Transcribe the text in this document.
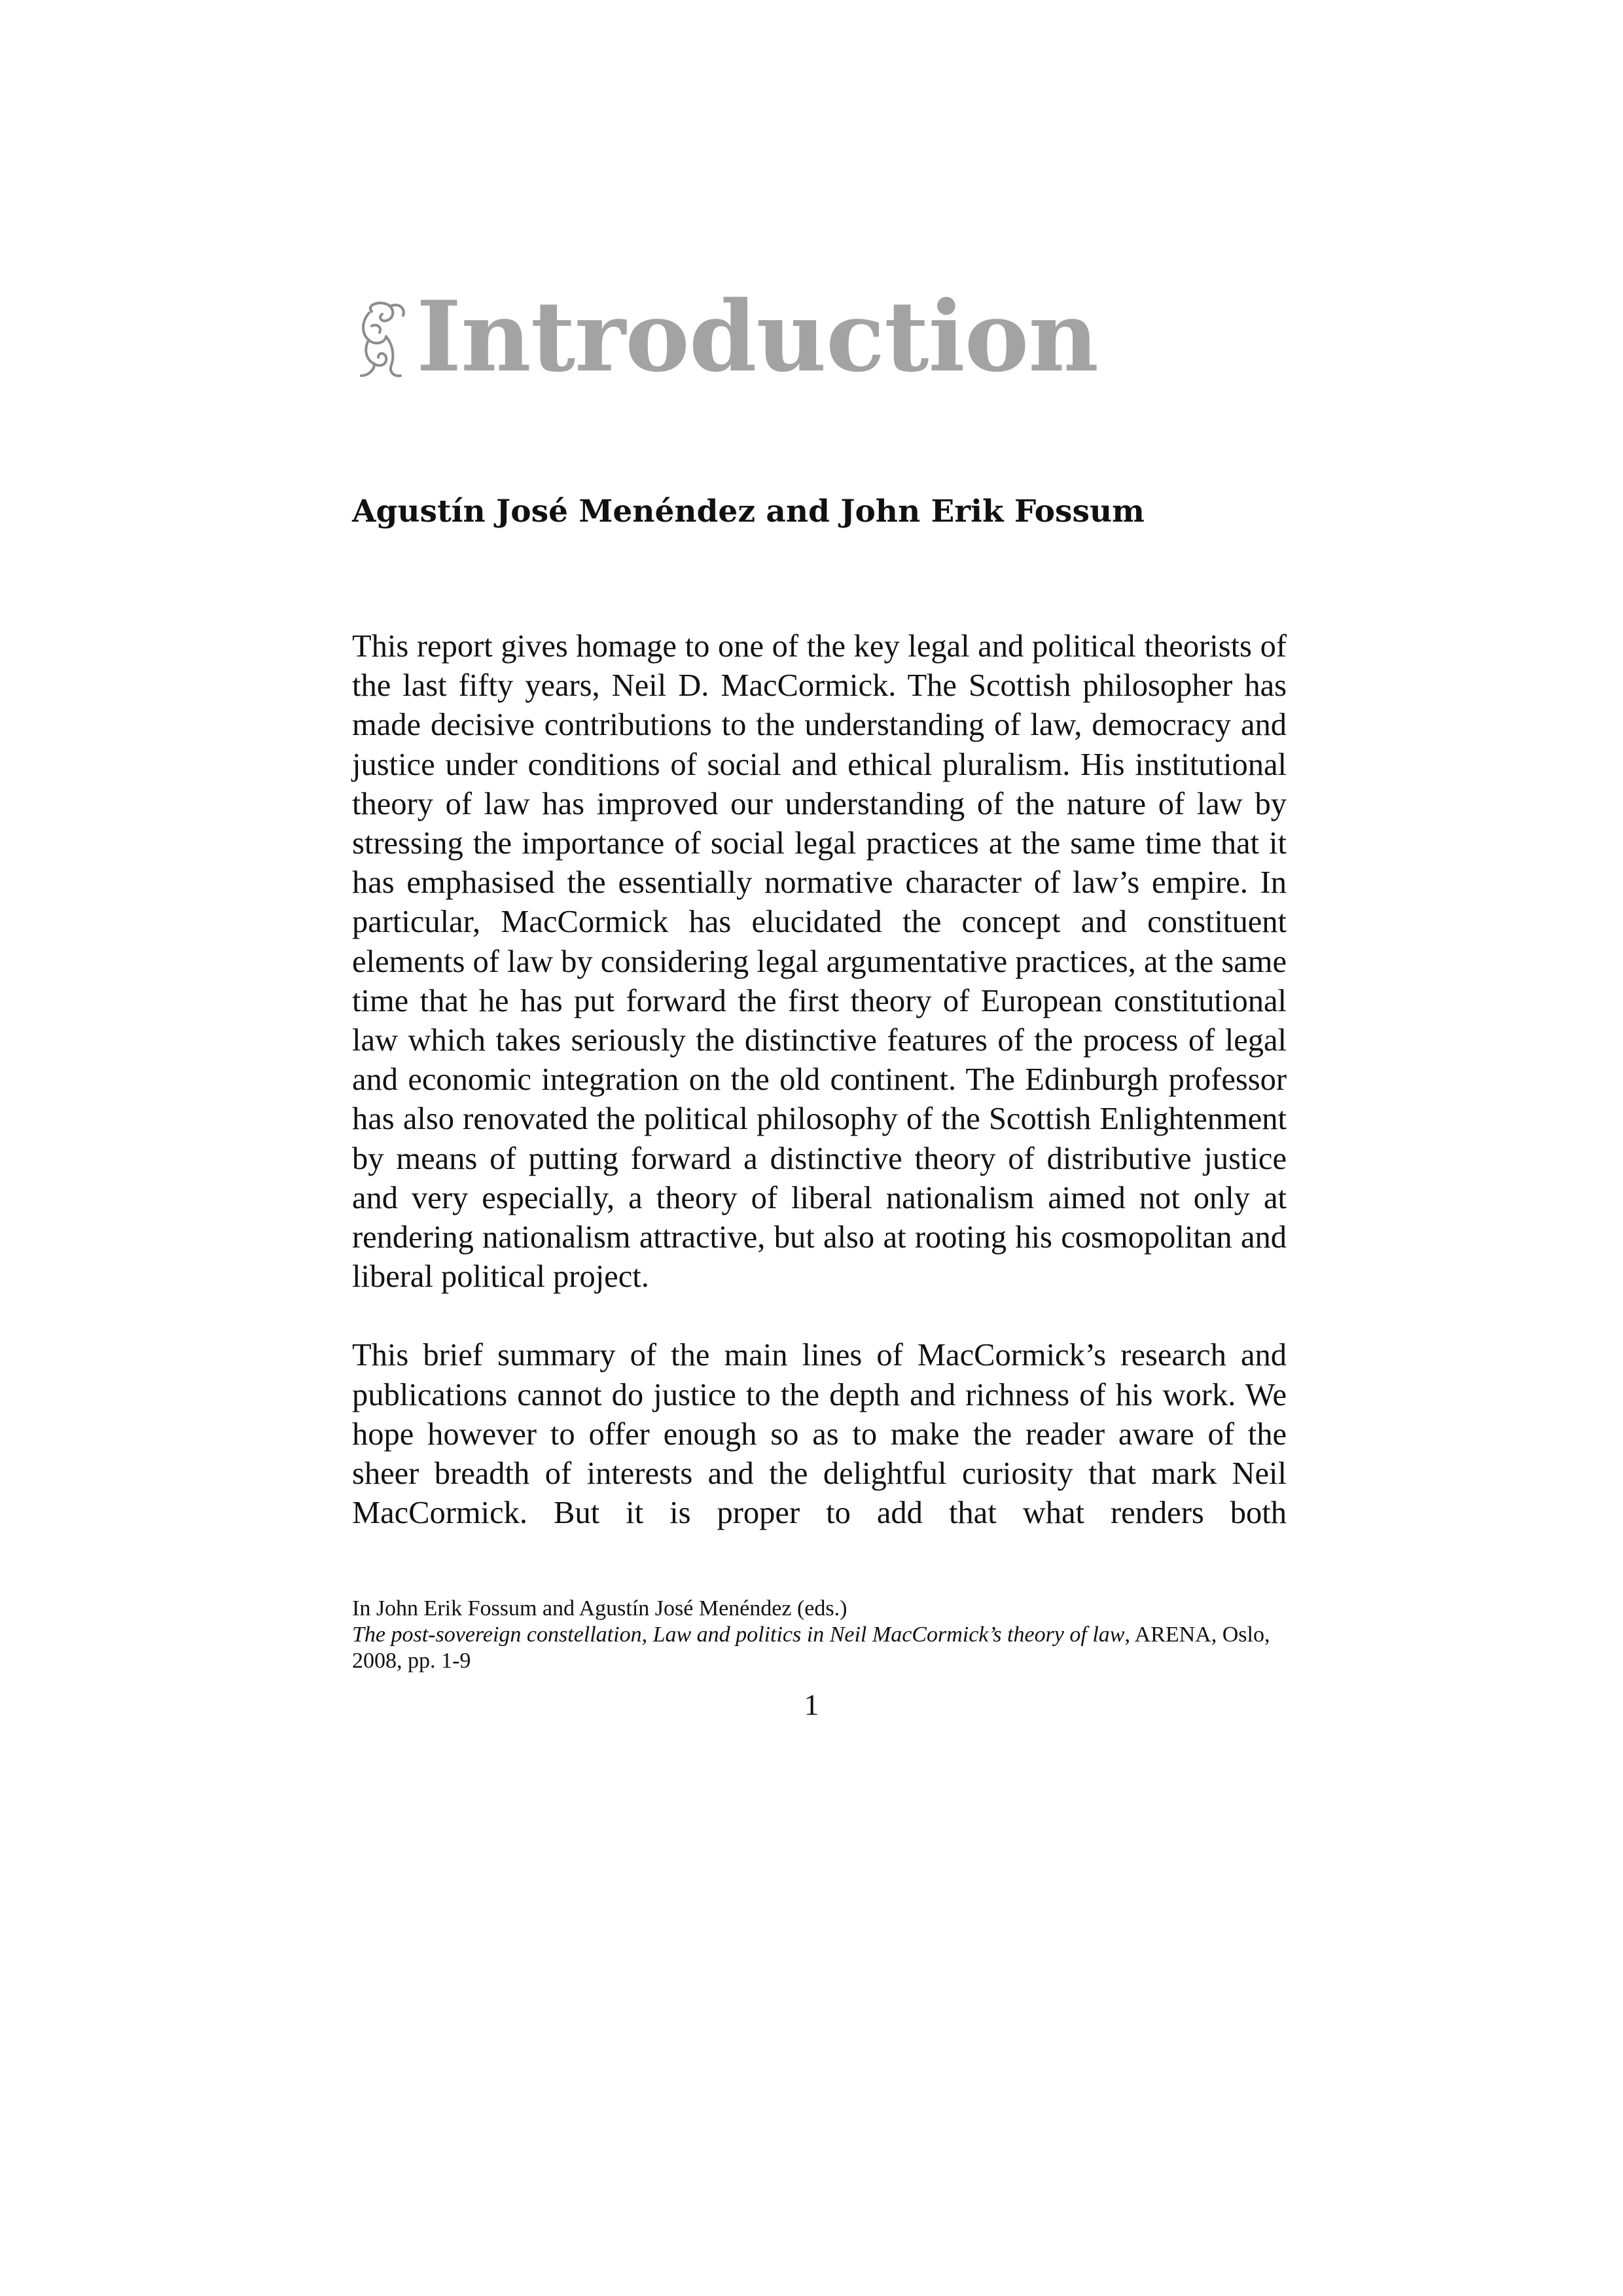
Introduction
Agustín José Menéndez and John Erik Fossum

This report gives homage to one of the key legal and political theorists of the last fifty years, Neil D. MacCormick. The Scottish philosopher has made decisive contributions to the understanding of law, democracy and justice under conditions of social and ethical pluralism. His institutional theory of law has improved our understanding of the nature of law by stressing the importance of social legal practices at the same time that it has emphasised the essentially normative character of law’s empire. In particular, MacCormick has elucidated the concept and constituent elements of law by considering legal argumentative practices, at the same time that he has put forward the first theory of European constitutional law which takes seriously the distinctive features of the process of legal and economic integration on the old continent. The Edinburgh professor has also renovated the political philosophy of the Scottish Enlightenment by means of putting forward a distinctive theory of distributive justice and very especially, a theory of liberal nationalism aimed not only at rendering nationalism attractive, but also at rooting his cosmopolitan and liberal political project.

This brief summary of the main lines of MacCormick’s research and publications cannot do justice to the depth and richness of his work. We hope however to offer enough so as to make the reader aware of the sheer breadth of interests and the delightful curiosity that mark Neil MacCormick. But it is proper to add that what renders both

In John Erik Fossum and Agustín José Menéndez (eds.)
The post-sovereign constellation, Law and politics in Neil MacCormick’s theory of law, ARENA, Oslo,
2008, pp. 1-9
1
